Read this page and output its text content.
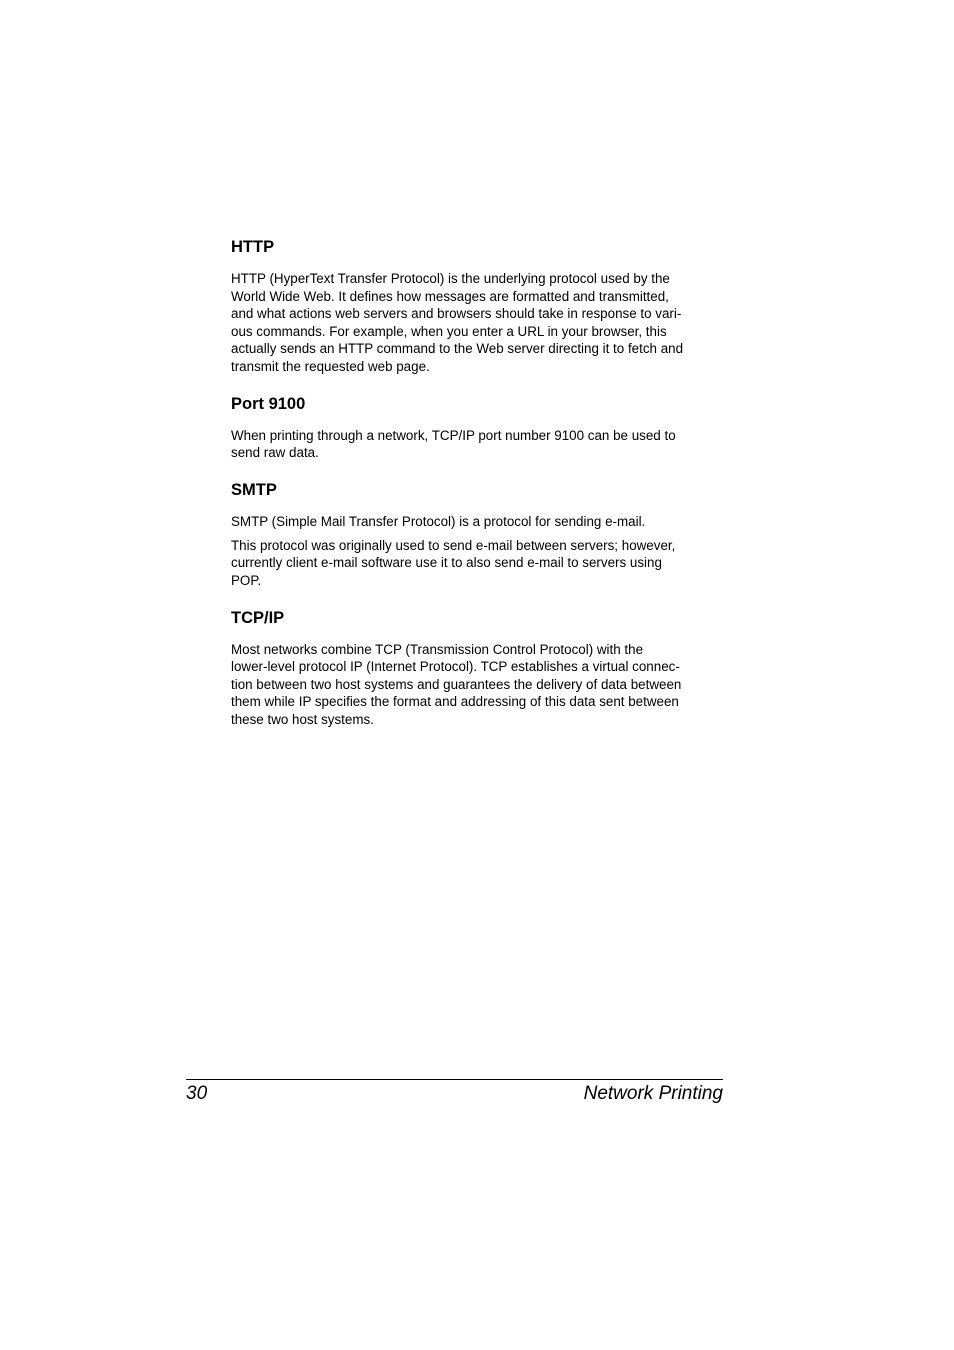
HTTP

HTTP (HyperText Transfer Protocol) is the underlying protocol used by the
World Wide Web. It defines how messages are formatted and transmitted,
and what actions web servers and browsers should take in response to vari-
ous commands. For example, when you enter a URL in your browser, this
actually sends an HTTP command to the Web server directing it to fetch and
transmit the requested web page.

Port 9100

When printing through a network, TCP/IP port number 9100 can be used to
send raw data.

SMTP

SMTP (Simple Mail Transfer Protocol) is a protocol for sending e-mail.

This protocol was originally used to send e-mail between servers; however,
currently client e-mail software use it to also send e-mail to servers using
POP.

TCP/IP

Most networks combine TCP (Transmission Control Protocol) with the
lower-level protocol IP (Internet Protocol). TCP establishes a virtual connec-
tion between two host systems and guarantees the delivery of data between
them while IP specifies the format and addressing of this data sent between
these two host systems.

30	Network Printing
